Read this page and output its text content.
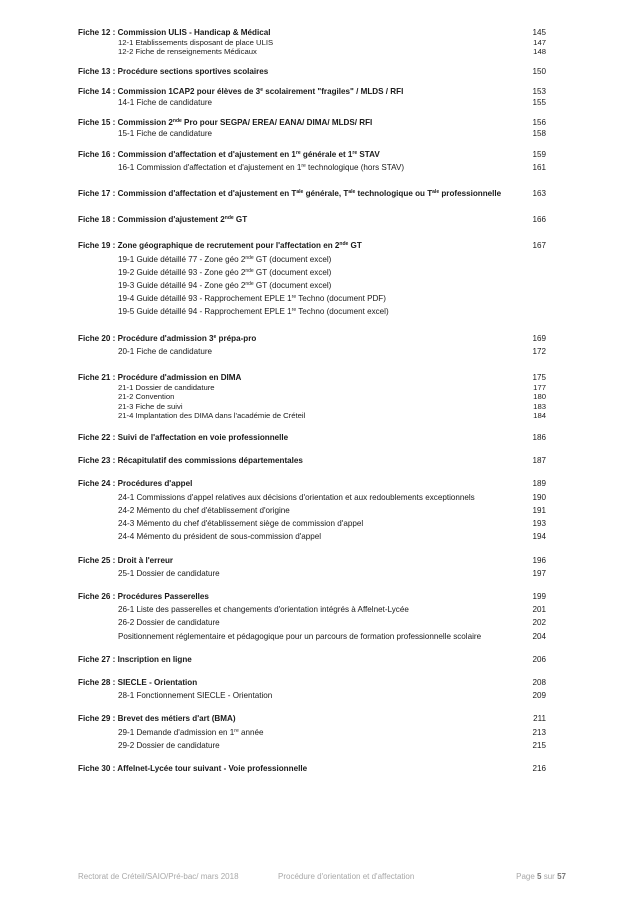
Fiche 12 : Commission ULIS - Handicap & Médical	145
12-1 Etablissements disposant de place ULIS	147
12-2 Fiche de renseignements Médicaux	148
Fiche 13 : Procédure sections sportives scolaires	150
Fiche 14 : Commission 1CAP2 pour élèves de 3e scolairement "fragiles" / MLDS / RFI	153
14-1 Fiche de candidature	155
Fiche 15 : Commission 2nde Pro pour SEGPA/ EREA/ EANA/ DIMA/ MLDS/ RFI	156
15-1 Fiche de candidature	158
Fiche 16 : Commission d'affectation et d'ajustement en 1re générale et 1re STAV	159
16-1 Commission d'affectation et d'ajustement en 1re technologique (hors STAV)	161
Fiche 17 : Commission d'affectation et d'ajustement en $T^{ale}$ générale, $T^{ale}$ technologique ou $T^{ale}$ professionnelle	163
Fiche 18 : Commission d'ajustement 2nde GT	166
Fiche 19 : Zone géographique de recrutement pour l'affectation en 2nde GT	167
19-1 Guide détaillé 77 - Zone géo 2nde GT (document excel)
19-2 Guide détaillé 93 - Zone géo 2nde GT (document excel)
19-3 Guide détaillé 94 - Zone géo 2nde GT (document excel)
19-4 Guide détaillé 93 - Rapprochement EPLE 1re Techno (document PDF)
19-5 Guide détaillé 94 - Rapprochement EPLE 1re Techno (document excel)
Fiche 20 : Procédure d'admission 3e prépa-pro	169
20-1 Fiche de candidature	172
Fiche 21 : Procédure d'admission en DIMA	175
21-1 Dossier de candidature	177
21-2 Convention	180
21-3 Fiche de suivi	183
21-4 Implantation des DIMA dans l'académie de Créteil	184
Fiche 22 : Suivi de l'affectation en voie professionnelle	186
Fiche 23 : Récapitulatif des commissions départementales	187
Fiche 24 : Procédures d'appel	189
24-1 Commissions d'appel relatives aux décisions d'orientation et aux redoublements exceptionnels	190
24-2 Mémento du chef d'établissement d'origine	191
24-3 Mémento du chef d'établissement siège de commission d'appel	193
24-4 Mémento du président de sous-commission d'appel	194
Fiche 25 : Droit à l'erreur	196
25-1 Dossier de candidature	197
Fiche 26 : Procédures Passerelles	199
26-1 Liste des passerelles et changements d'orientation intégrés à Affelnet-Lycée	201
26-2 Dossier de candidature	202
Positionnement réglementaire et pédagogique pour un parcours de formation professionnelle scolaire	204
Fiche 27 : Inscription en ligne	206
Fiche 28 : SIECLE - Orientation	208
28-1 Fonctionnement SIECLE - Orientation	209
Fiche 29 : Brevet des métiers d'art (BMA)	211
29-1 Demande d'admission en 1re année	213
29-2 Dossier de candidature	215
Fiche 30 : Affelnet-Lycée tour suivant - Voie professionnelle	216
Rectorat de Créteil/SAIO/Pré-bac/ mars 2018	Procédure d'orientation et d'affectation	Page 5 sur 57
